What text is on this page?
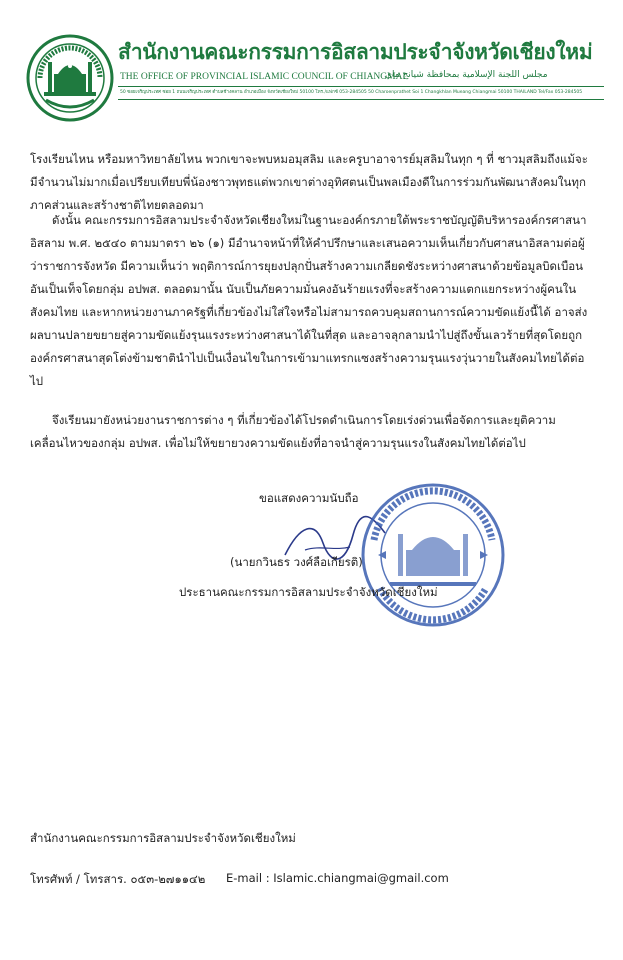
สำนักงานคณะกรรมการอิสลามประจำจังหวัดเชียงใหม่
THE OFFICE OF PROVINCIAL ISLAMIC COUNCIL OF CHIANGMAI
مجلس اللجنة الإسلامية بمحافظة شيانج ماي
50 ซอยเจริญประเทศ ซอย 1 ถนนเจริญประเทศ ตำบลช้างคลาน อำเภอเมือง จังหวัดเชียงใหม่ 50100 โทร./แฟกซ์ 053-284505 50 Charoenprathet Soi 1 Changkhlan Mueang Chiangmai 50100 THAILAND Tel/Fax 053-284505
โรงเรียนไหน หรือมหาวิทยาลัยไหน พวกเขาจะพบหมอมุสลิม และครูบาอาจารย์มุสลิมในทุก ๆ ที่ ชาวมุสลิมถึงแม้จะมีจำนวนไม่มากเมื่อเปรียบเทียบพี่น้องชาวพุทธแต่พวกเขาต่างอุทิศตนเป็นพลเมืองดีในการร่วมกันพัฒนาสังคมในทุกภาคส่วนและสร้างชาติไทยตลอดมา
ดังนั้น คณะกรรมการอิสลามประจำจังหวัดเชียงใหม่ในฐานะองค์กรภายใต้พระราชบัญญัติบริหารองค์กรศาสนาอิสลาม พ.ศ. ๒๕๔๐ ตามมาตรา ๒๖ (๑) มีอำนาจหน้าที่ให้คำปรึกษาและเสนอความเห็นเกี่ยวกับศาสนาอิสลามต่อผู้ว่าราชการจังหวัด มีความเห็นว่า พฤติการณ์การยุยงปลุกปั่นสร้างความเกลียดชังระหว่างศาสนาด้วยข้อมูลบิดเบือนอันเป็นเท็จโดยกลุ่ม อปพส. ตลอดมานั้น นับเป็นภัยความมั่นคงอันร้ายแรงที่จะสร้างความแตกแยกระหว่างผู้คนในสังคมไทย และหากหน่วยงานภาครัฐที่เกี่ยวข้องไม่ใส่ใจหรือไม่สามารถควบคุมสถานการณ์ความขัดแย้งนี้ได้ อาจส่งผลบานปลายขยายสู่ความขัดแย้งรุนแรงระหว่างศาสนาได้ในที่สุด และอาจลุกลามนำไปสู่ถึงขั้นเลวร้ายที่สุดโดยถูกองค์กรศาสนาสุดโต่งข้ามชาตินำไปเป็นเงื่อนไขในการเข้ามาแทรกแซงสร้างความรุนแรงวุ่นวายในสังคมไทยได้ต่อไป
จึงเรียนมายังหน่วยงานราชการต่าง ๆ ที่เกี่ยวข้องได้โปรดดำเนินการโดยเร่งด่วนเพื่อจัดการและยุติความเคลื่อนไหวของกลุ่ม อปพส. เพื่อไม่ให้ขยายวงความขัดแย้งที่อาจนำสู่ความรุนแรงในสังคมไทยได้ต่อไป
ขอแสดงความนับถือ
(นายกวินธร วงศ์ลือเกียรติ)
ประธานคณะกรรมการอิสลามประจำจังหวัดเชียงใหม่
สำนักงานคณะกรรมการอิสลามประจำจังหวัดเชียงใหม่
โทรศัพท์ / โทรสาร. ๐๕๓-๒๗๑๑๔๒ E-mail : Islamic.chiangmai@gmail.com
